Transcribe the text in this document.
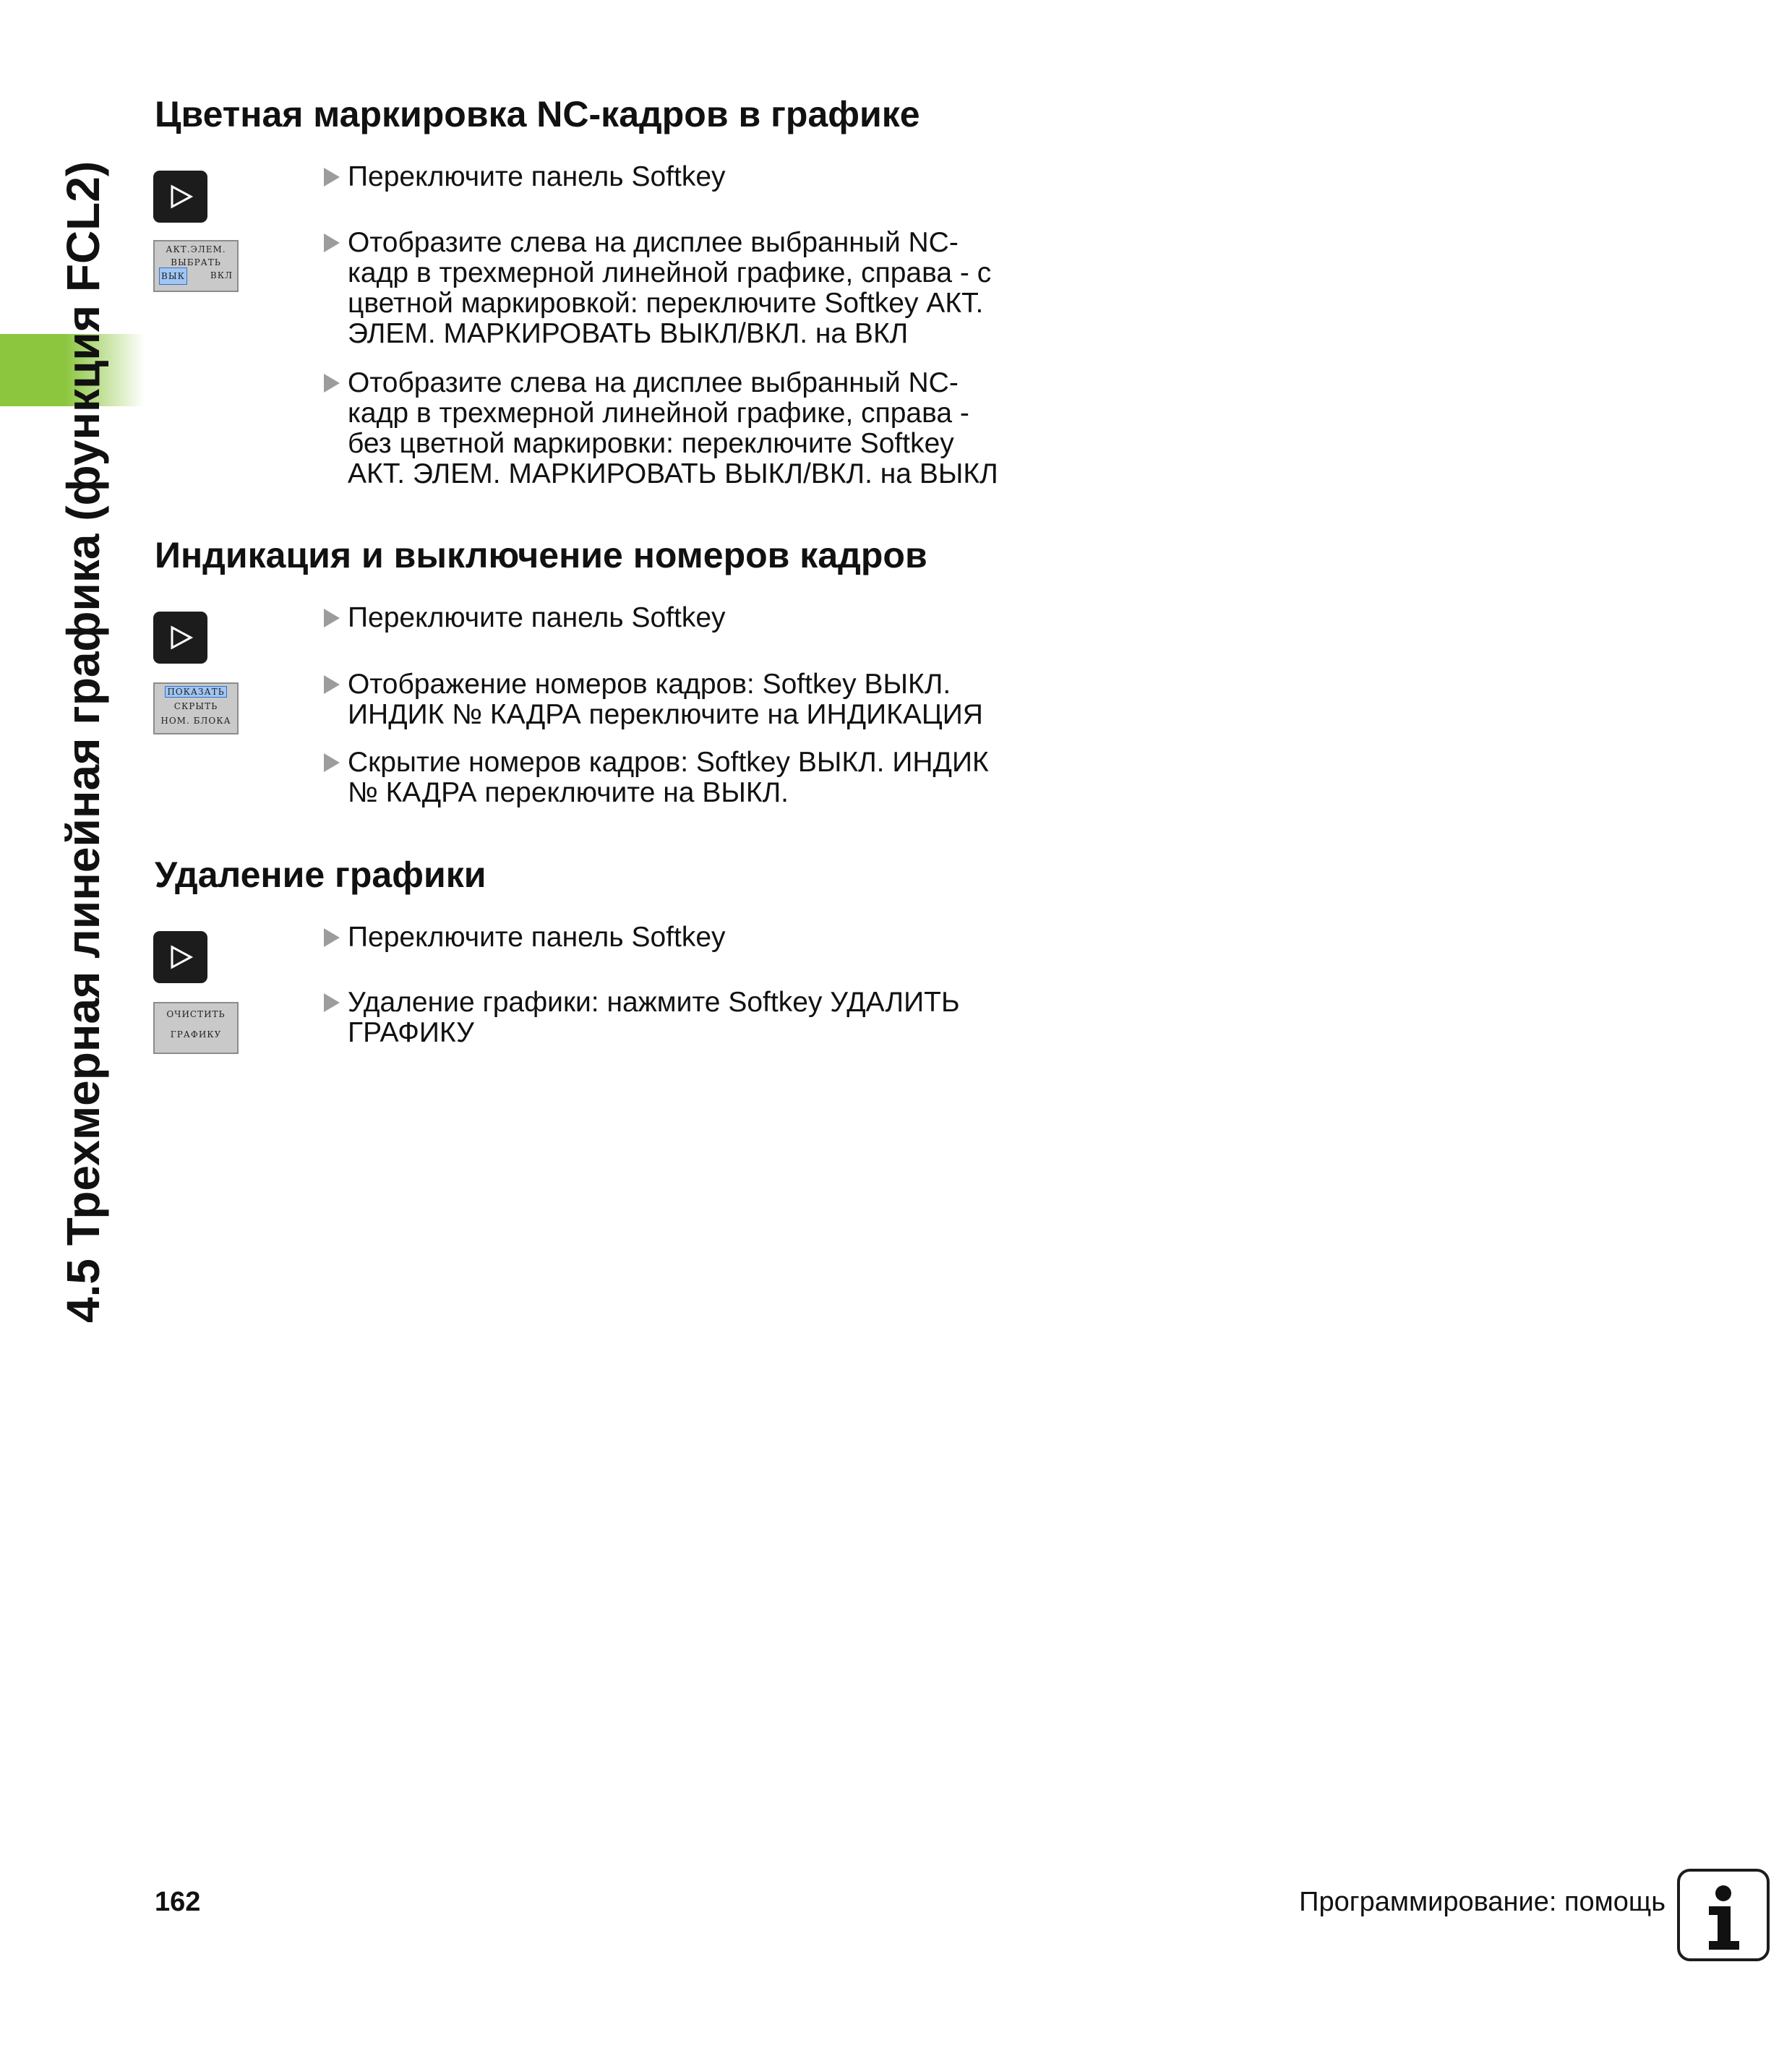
4.5 Трехмерная линейная графика (функция FCL2)
Цветная маркировка NC-кадров в графике
Переключите панель Softkey
АКТ.ЭЛЕМ.
ВЫБРАТЬ
ВЫК	ВКЛ
Отобразите слева на дисплее выбранный NC-кадр в трехмерной линейной графике, справа - с цветной маркировкой: переключите Softkey АКТ. ЭЛЕМ. МАРКИРОВАТЬ ВЫКЛ/ВКЛ. на ВКЛ
Отобразите слева на дисплее выбранный NC-кадр в трехмерной линейной графике, справа - без цветной маркировки: переключите Softkey АКТ. ЭЛЕМ. МАРКИРОВАТЬ ВЫКЛ/ВКЛ. на ВЫКЛ
Индикация и выключение номеров кадров
Переключите панель Softkey
ПОКАЗАТЬ
СКРЫТЬ
НОМ. БЛОКА
Отображение номеров кадров: Softkey ВЫКЛ. ИНДИК № КАДРА переключите на ИНДИКАЦИЯ
Скрытие номеров кадров: Softkey ВЫКЛ. ИНДИК № КАДРА переключите на ВЫКЛ.
Удаление графики
Переключите панель Softkey
ОЧИСТИТЬ
ГРАФИКУ
Удаление графики: нажмите Softkey УДАЛИТЬ ГРАФИКУ
162	Программирование: помощь
